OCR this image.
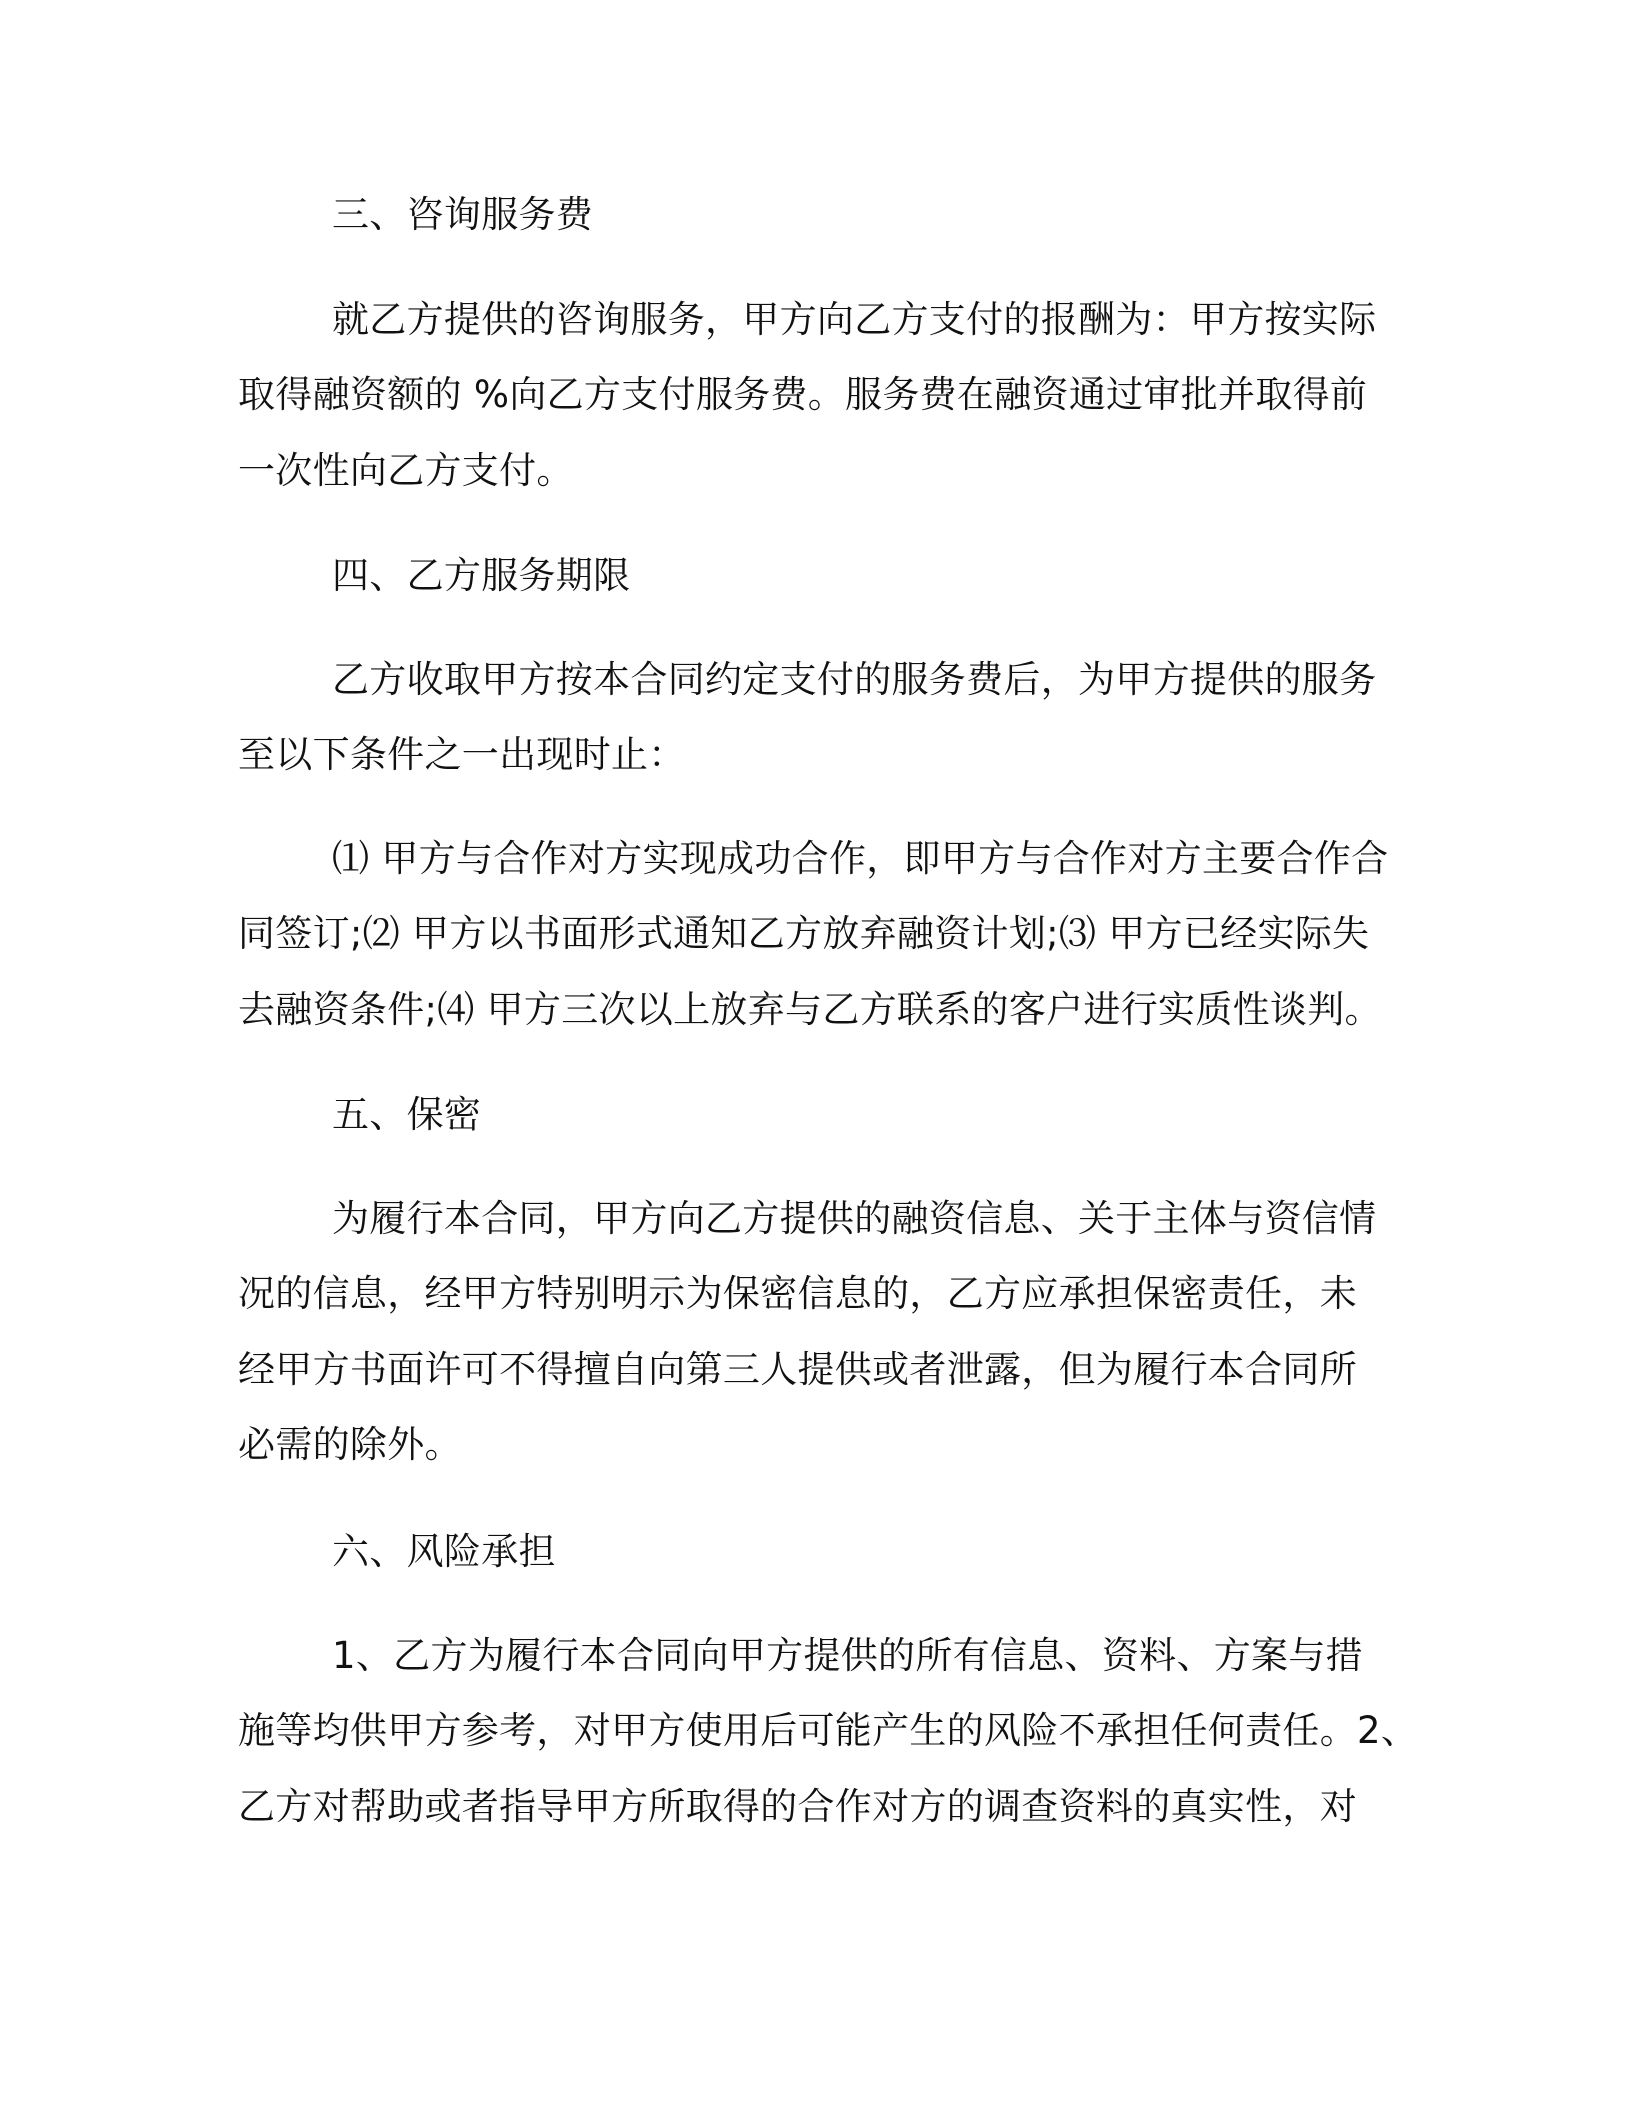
三、咨询服务费
就乙方提供的咨询服务，甲方向乙方支付的报酬为：甲方按实际
取得融资额的 %向乙方支付服务费。服务费在融资通过审批并取得前
一次性向乙方支付。
四、乙方服务期限
乙方收取甲方按本合同约定支付的服务费后，为甲方提供的服务
至以下条件之一出现时止：
⑴ 甲方与合作对方实现成功合作，即甲方与合作对方主要合作合
同签订;⑵ 甲方以书面形式通知乙方放弃融资计划;⑶ 甲方已经实际失
去融资条件;⑷ 甲方三次以上放弃与乙方联系的客户进行实质性谈判。
五、保密
为履行本合同，甲方向乙方提供的融资信息、关于主体与资信情
况的信息，经甲方特别明示为保密信息的，乙方应承担保密责任，未
经甲方书面许可不得擅自向第三人提供或者泄露，但为履行本合同所
必需的除外。
六、风险承担
1、乙方为履行本合同向甲方提供的所有信息、资料、方案与措
施等均供甲方参考，对甲方使用后可能产生的风险不承担任何责任。2、
乙方对帮助或者指导甲方所取得的合作对方的调查资料的真实性，对
